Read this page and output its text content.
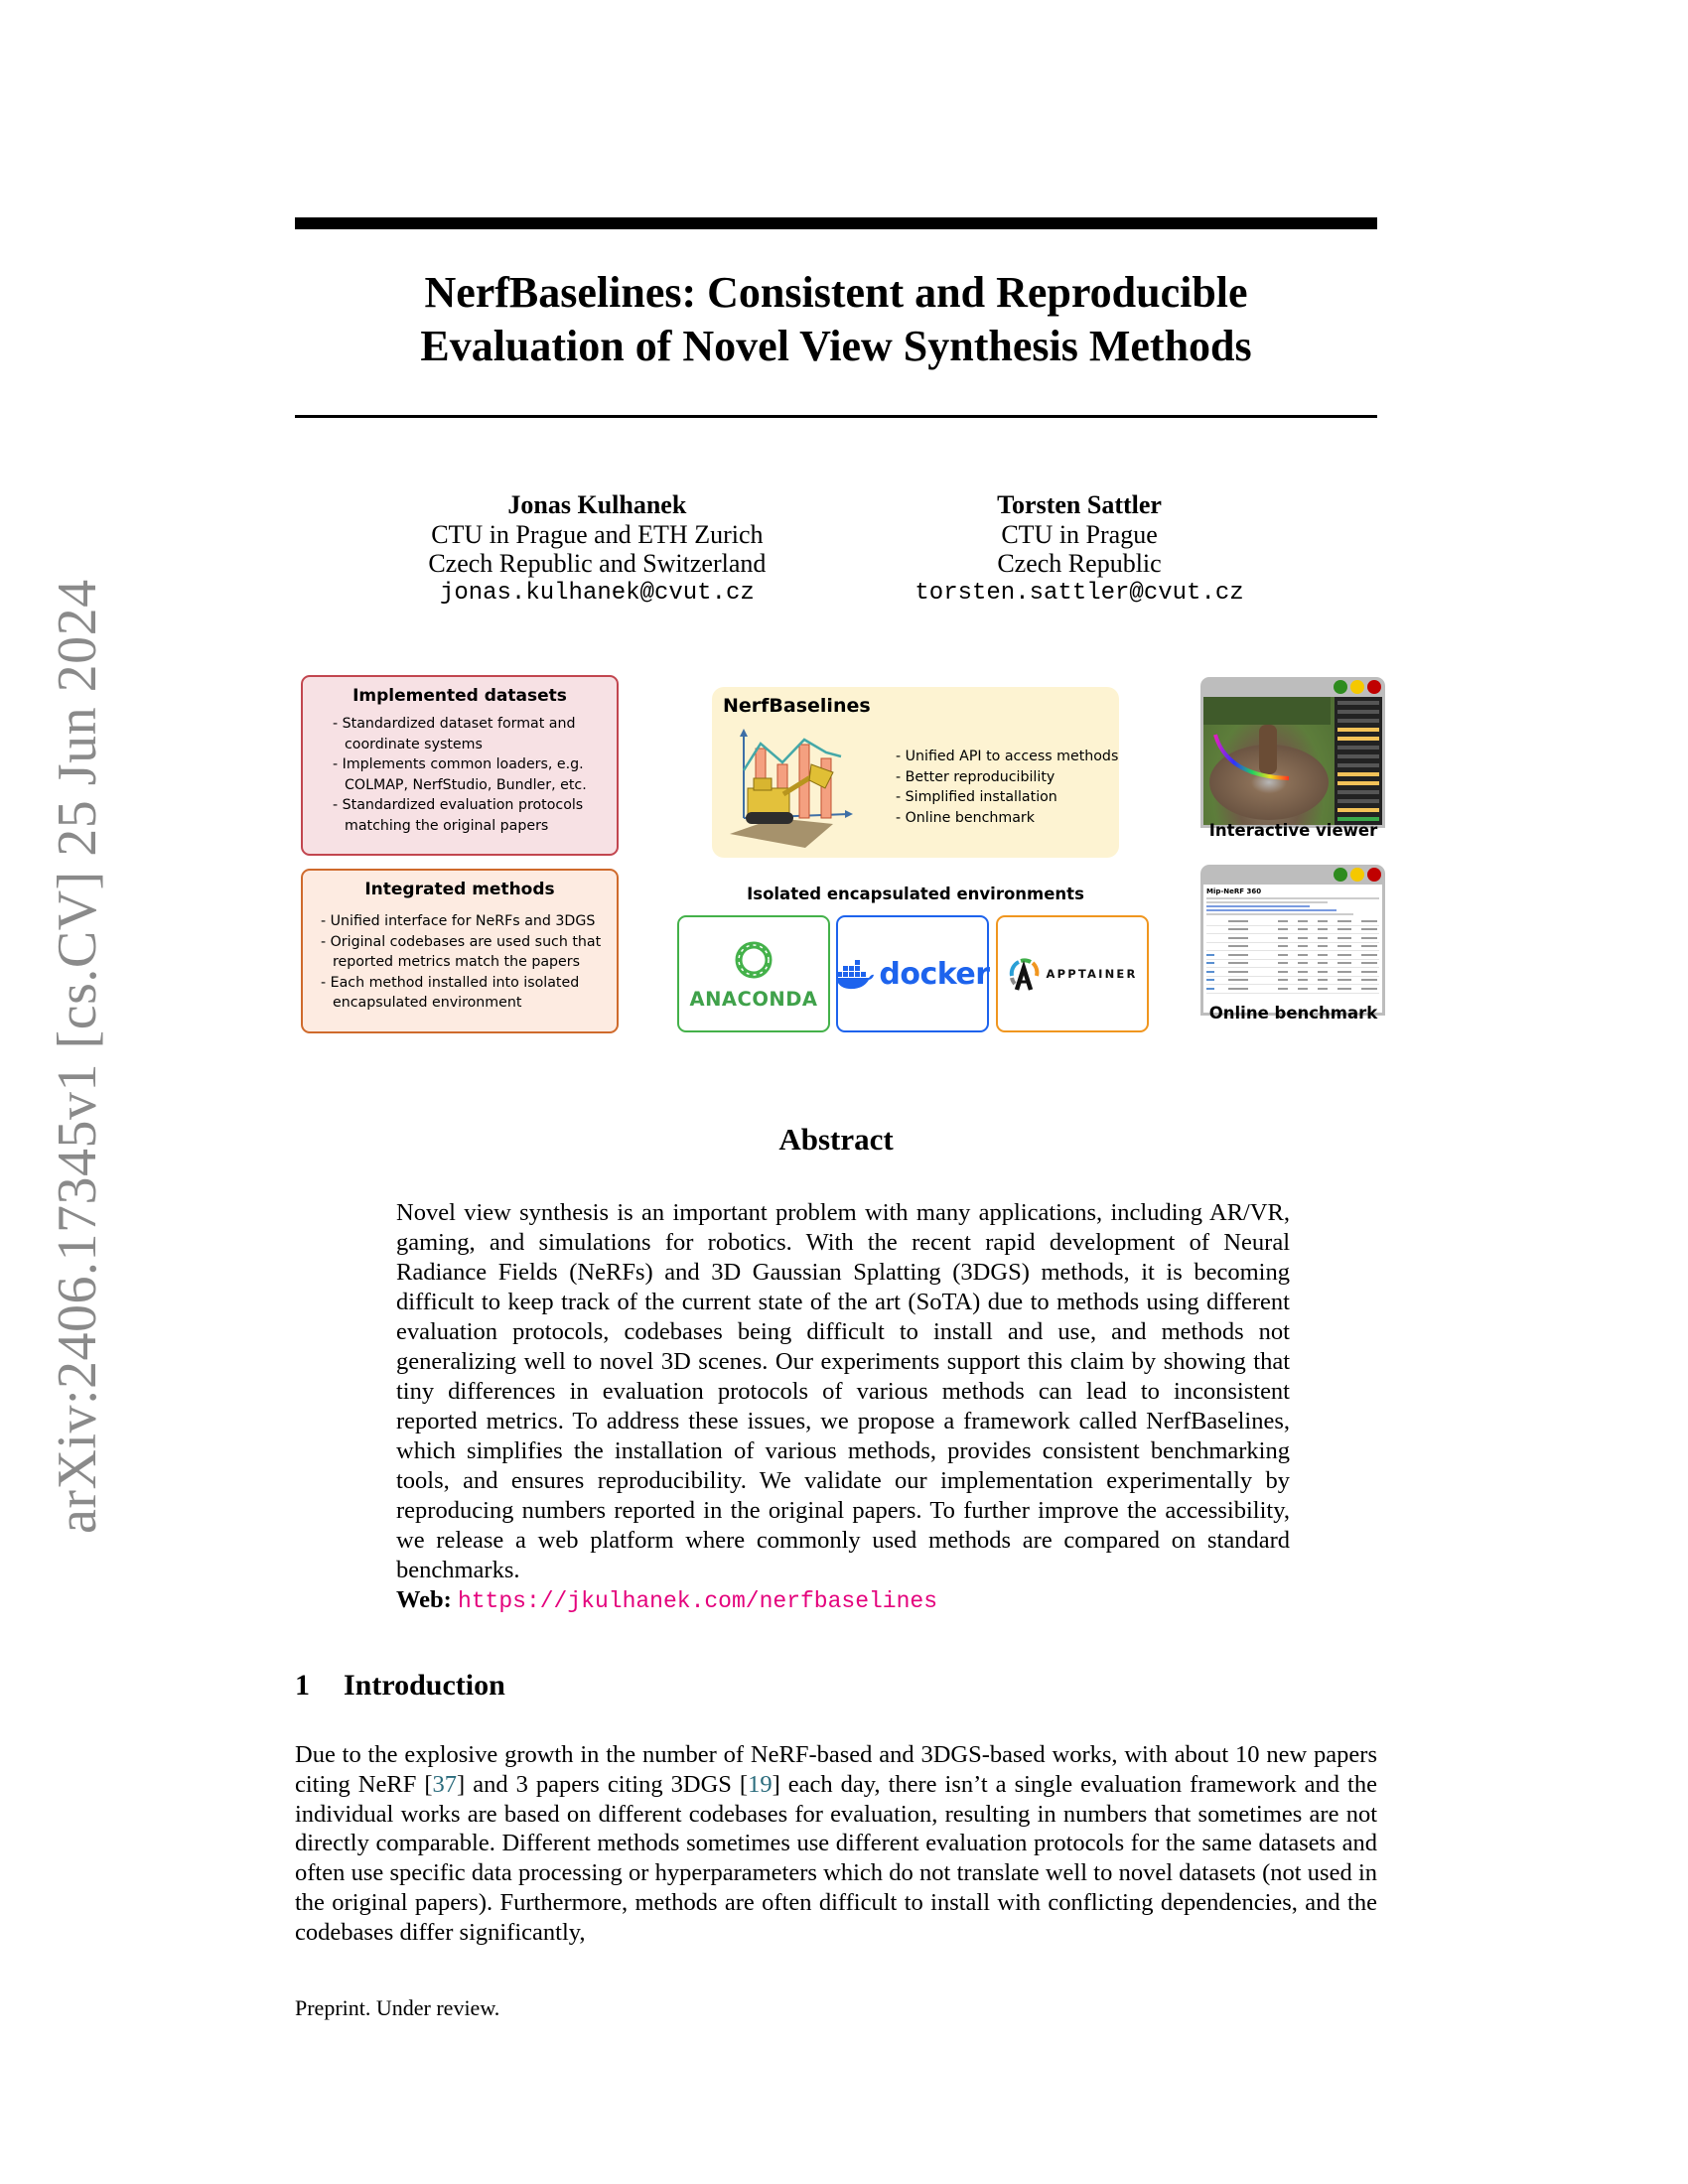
arXiv:2406.17345v1 [cs.CV] 25 Jun 2024
NerfBaselines: Consistent and Reproducible
Evaluation of Novel View Synthesis Methods
Jonas Kulhanek
CTU in Prague and ETH Zurich
Czech Republic and Switzerland
jonas.kulhanek@cvut.cz
Torsten Sattler
CTU in Prague
Czech Republic
torsten.sattler@cvut.cz
Implemented datasets
- Standardized dataset format and coordinate systems
- Implements common loaders, e.g. COLMAP, NerfStudio, Bundler, etc.
- Standardized evaluation protocols matching the original papers
Integrated methods
- Unified interface for NeRFs and 3DGS
- Original codebases are used such that reported metrics match the papers
- Each method installed into isolated encapsulated environment
NerfBaselines
- Unified API to access methods
- Better reproducibility
- Simplified installation
- Online benchmark
Isolated encapsulated environments
ANACONDA
docker	APPTAINER
Interactive viewer
Mip-NeRF 360
Online benchmark
Abstract
Novel view synthesis is an important problem with many applications, including AR/VR, gaming, and simulations for robotics. With the recent rapid development of Neural Radiance Fields (NeRFs) and 3D Gaussian Splatting (3DGS) methods, it is becoming difficult to keep track of the current state of the art (SoTA) due to methods using different evaluation protocols, codebases being difficult to install and use, and methods not generalizing well to novel 3D scenes. Our experiments support this claim by showing that tiny differences in evaluation protocols of various methods can lead to inconsistent reported metrics. To address these issues, we propose a framework called NerfBaselines, which simplifies the installation of various methods, provides consistent benchmarking tools, and ensures reproducibility. We validate our implementation experimentally by reproducing numbers reported in the original papers. To further improve the accessibility, we release a web platform where commonly used methods are compared on standard benchmarks.
Web: https://jkulhanek.com/nerfbaselines
1 Introduction
Due to the explosive growth in the number of NeRF-based and 3DGS-based works, with about 10 new papers citing NeRF [37] and 3 papers citing 3DGS [19] each day, there isn’t a single evaluation framework and the individual works are based on different codebases for evaluation, resulting in numbers that sometimes are not directly comparable. Different methods sometimes use different evaluation protocols for the same datasets and often use specific data processing or hyperparameters which do not translate well to novel datasets (not used in the original papers). Furthermore, methods are often difficult to install with conflicting dependencies, and the codebases differ significantly,
Preprint. Under review.
